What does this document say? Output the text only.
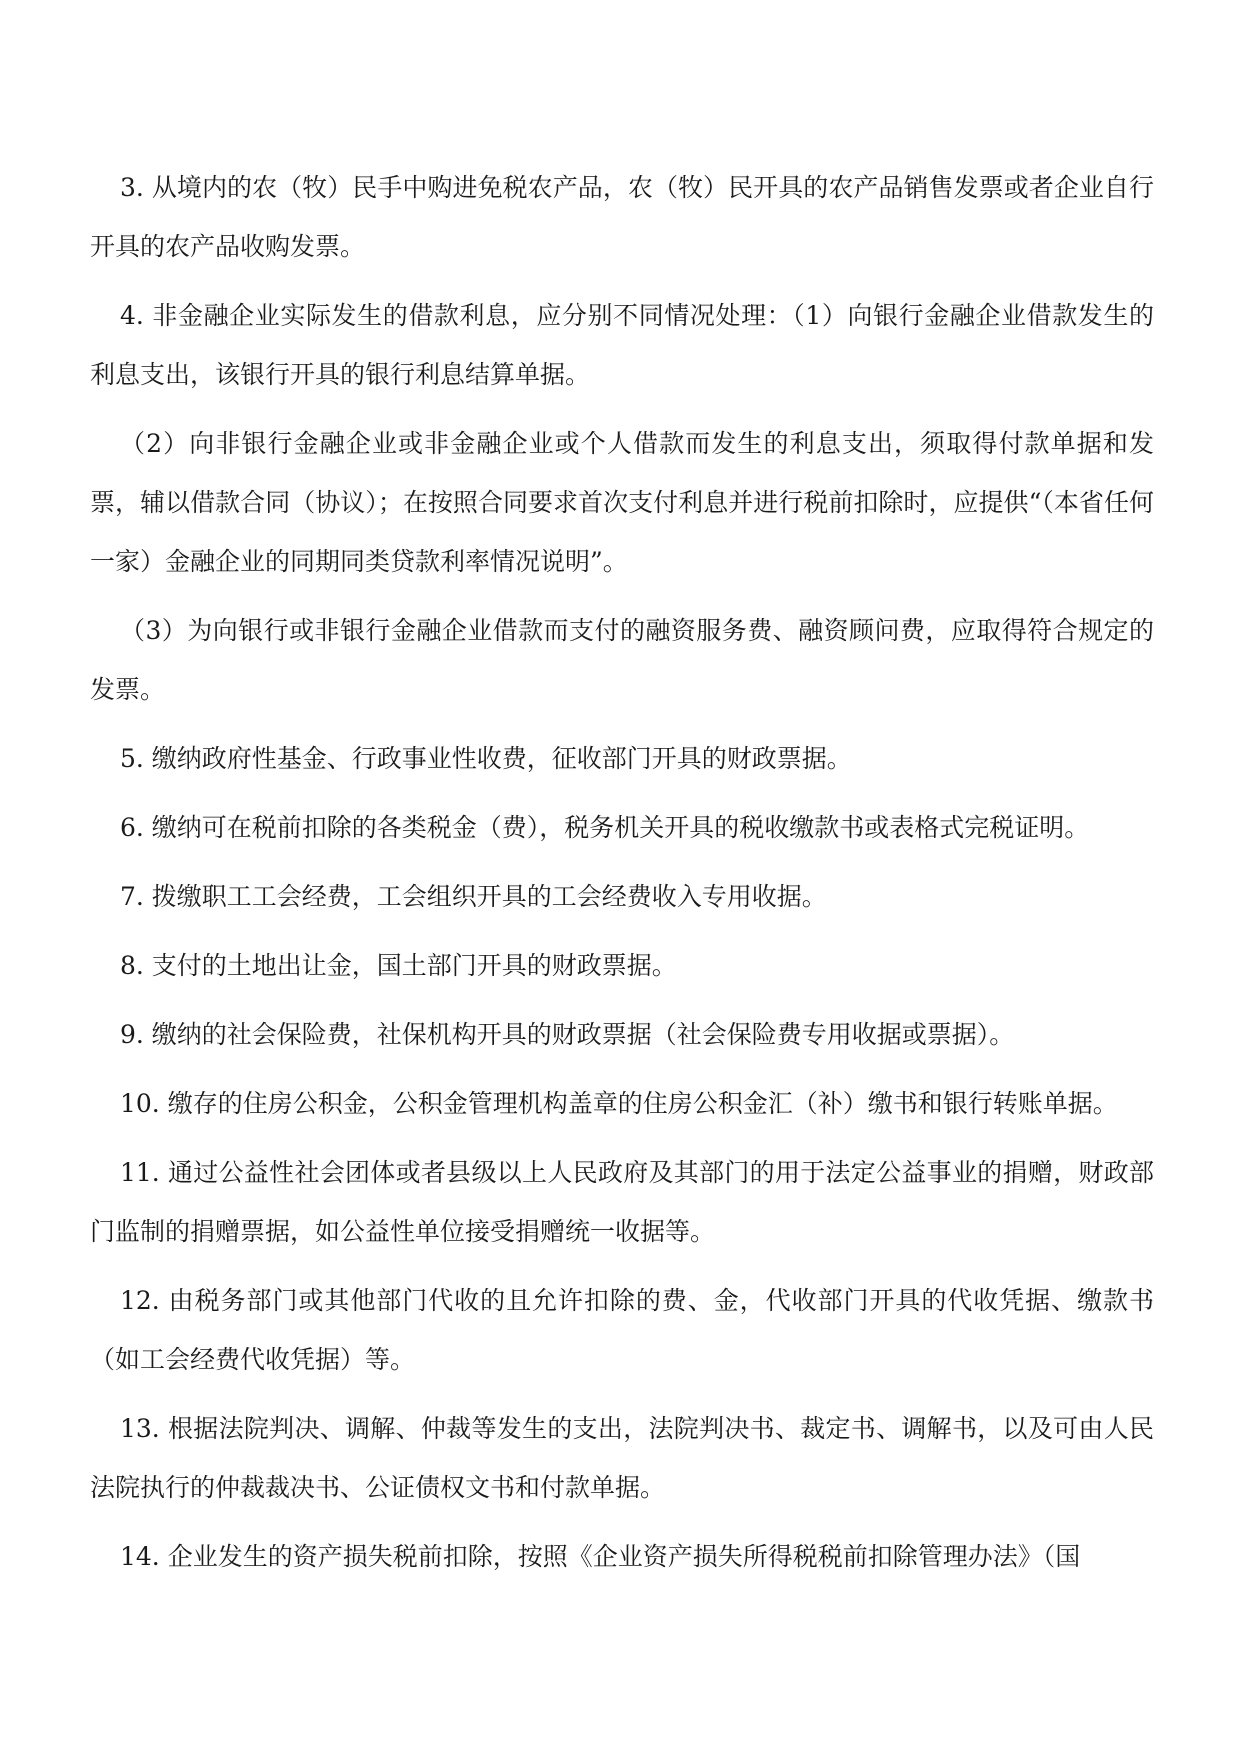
3. 从境内的农（牧）民手中购进免税农产品，农（牧）民开具的农产品销售发票或者企业自行开具的农产品收购发票。

4. 非金融企业实际发生的借款利息，应分别不同情况处理：（1）向银行金融企业借款发生的利息支出，该银行开具的银行利息结算单据。

（2）向非银行金融企业或非金融企业或个人借款而发生的利息支出，须取得付款单据和发票，辅以借款合同（协议）；在按照合同要求首次支付利息并进行税前扣除时，应提供“（本省任何一家）金融企业的同期同类贷款利率情况说明”。

（3）为向银行或非银行金融企业借款而支付的融资服务费、融资顾问费，应取得符合规定的发票。

5. 缴纳政府性基金、行政事业性收费，征收部门开具的财政票据。

6. 缴纳可在税前扣除的各类税金（费），税务机关开具的税收缴款书或表格式完税证明。

7. 拨缴职工工会经费，工会组织开具的工会经费收入专用收据。

8. 支付的土地出让金，国土部门开具的财政票据。

9. 缴纳的社会保险费，社保机构开具的财政票据（社会保险费专用收据或票据）。

10. 缴存的住房公积金，公积金管理机构盖章的住房公积金汇（补）缴书和银行转账单据。

11. 通过公益性社会团体或者县级以上人民政府及其部门的用于法定公益事业的捐赠，财政部门监制的捐赠票据，如公益性单位接受捐赠统一收据等。

12. 由税务部门或其他部门代收的且允许扣除的费、金，代收部门开具的代收凭据、缴款书（如工会经费代收凭据）等。

13. 根据法院判决、调解、仲裁等发生的支出，法院判决书、裁定书、调解书，以及可由人民法院执行的仲裁裁决书、公证债权文书和付款单据。

14. 企业发生的资产损失税前扣除，按照《企业资产损失所得税税前扣除管理办法》（国
